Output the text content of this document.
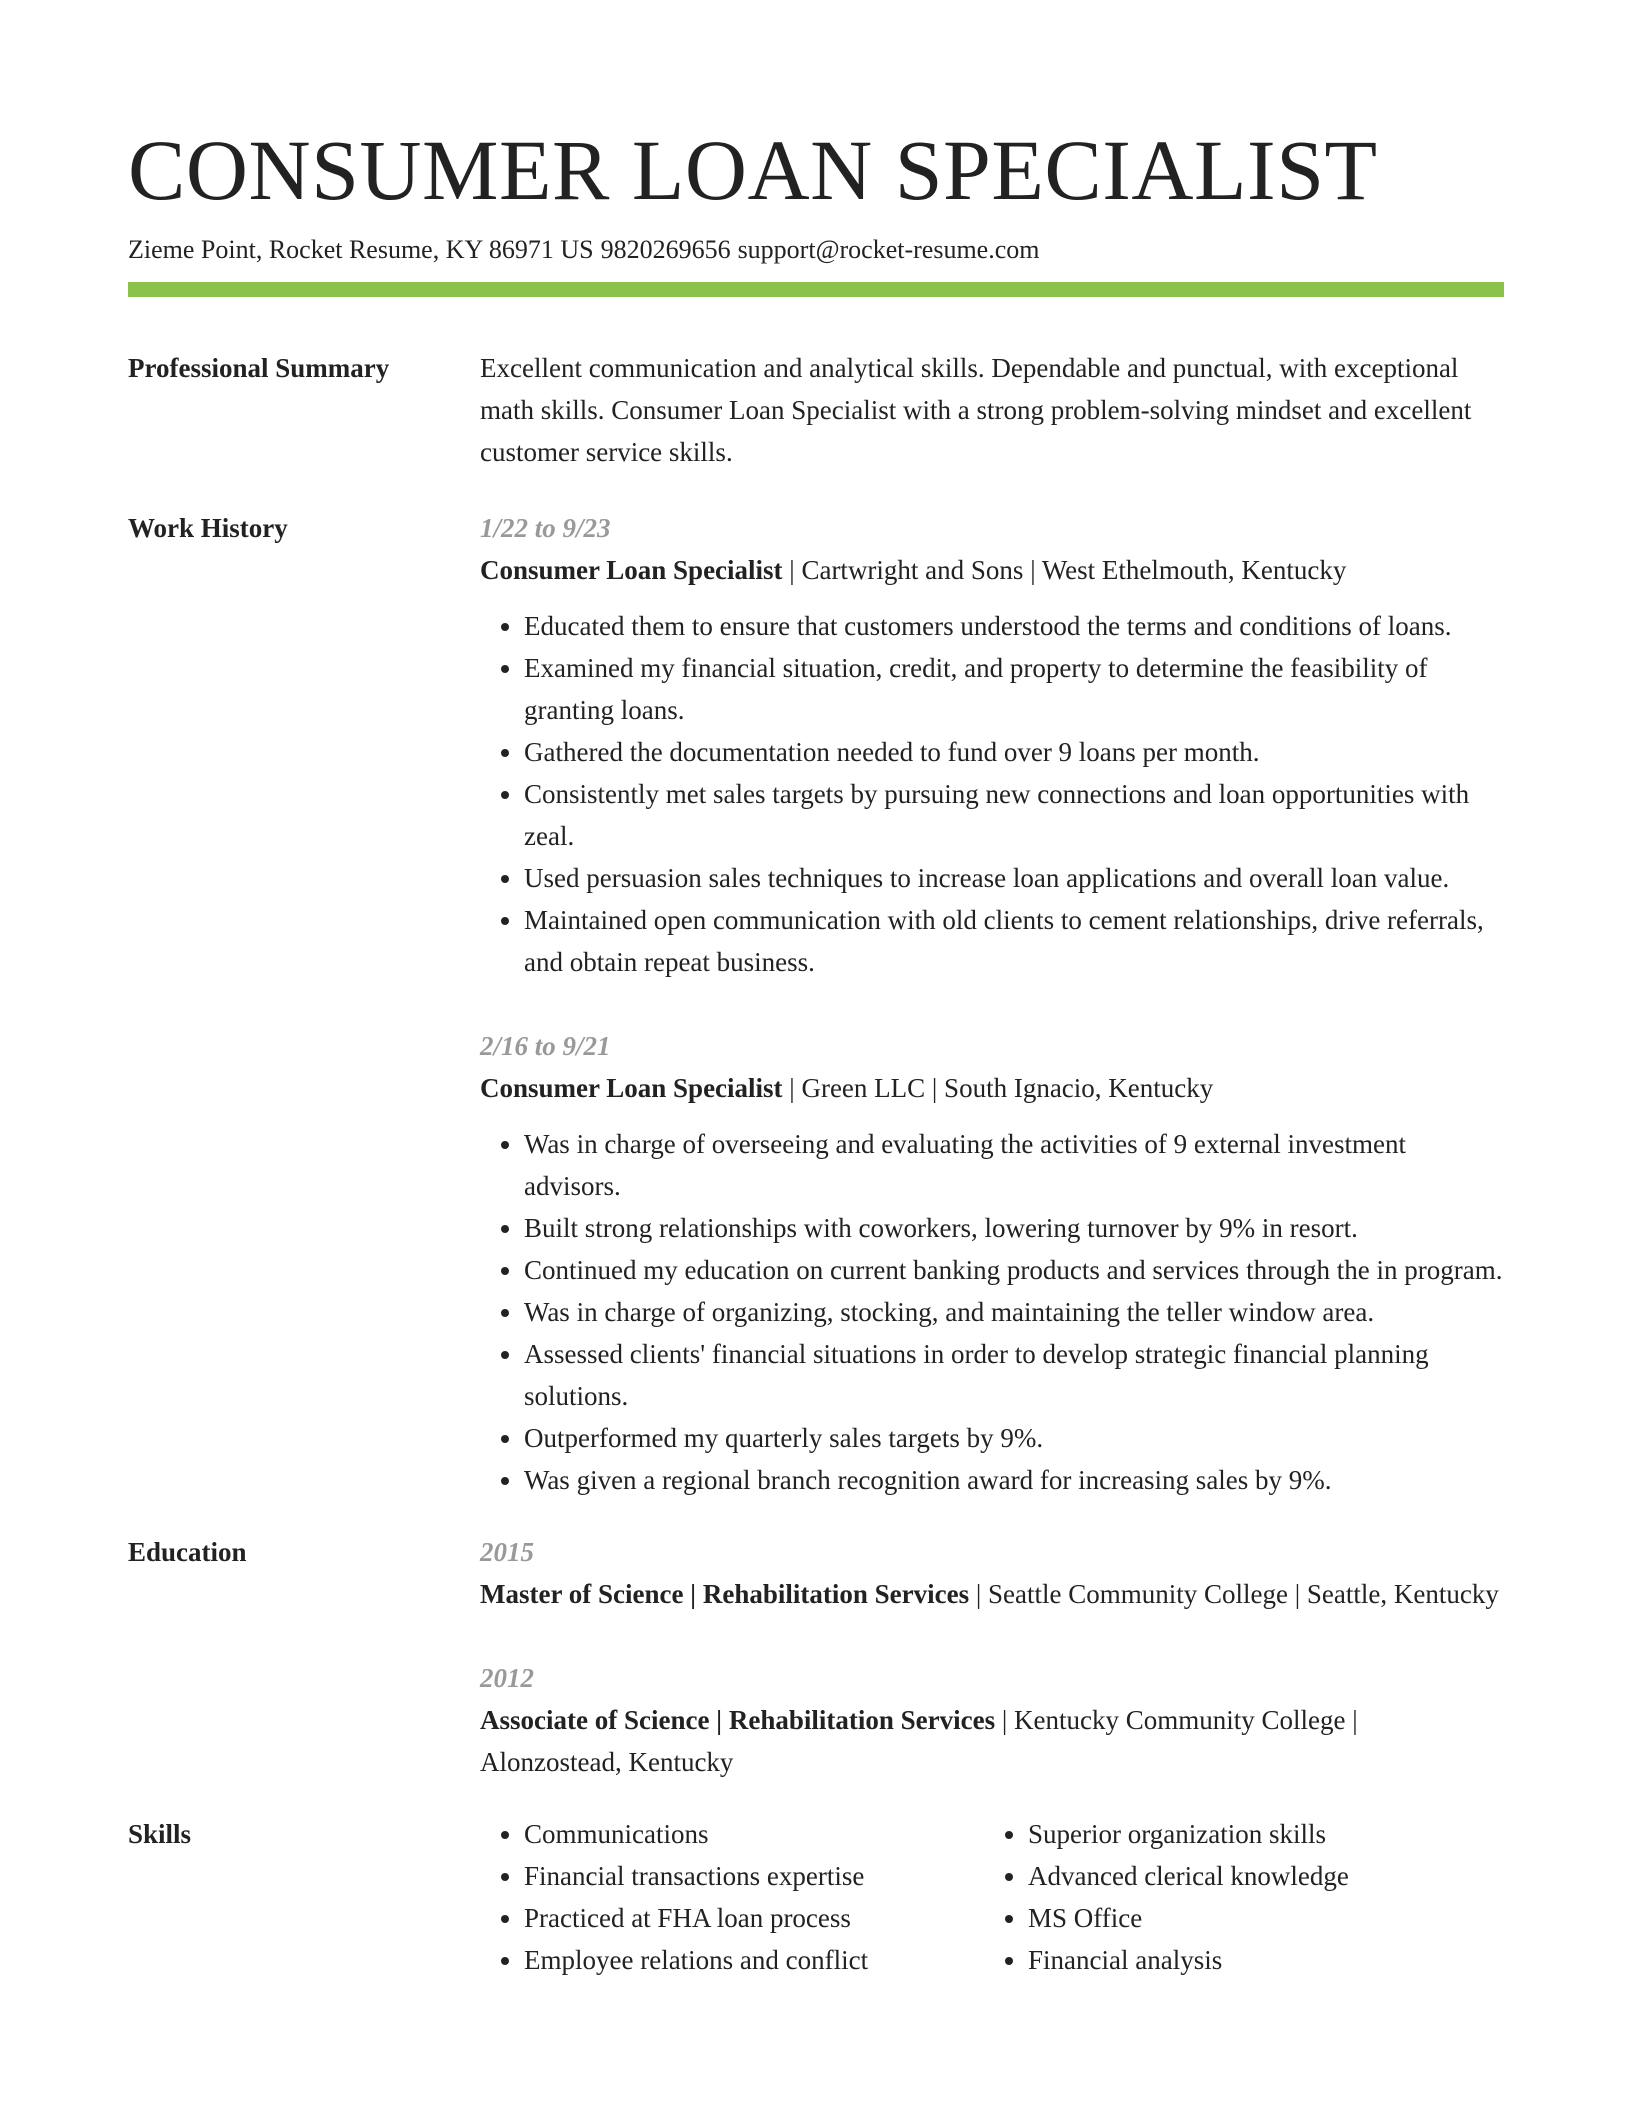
CONSUMER LOAN SPECIALIST
Zieme Point, Rocket Resume, KY 86971 US 9820269656 support@rocket-resume.com
Professional Summary	Excellent communication and analytical skills. Dependable and punctual, with exceptional math skills. Consumer Loan Specialist with a strong problem-solving mindset and excellent customer service skills.
Work History	1/22 to 9/23

Consumer Loan Specialist | Cartwright and Sons | West Ethelmouth, Kentucky

• Educated them to ensure that customers understood the terms and conditions of loans.
• Examined my financial situation, credit, and property to determine the feasibility of granting loans.
• Gathered the documentation needed to fund over 9 loans per month.
• Consistently met sales targets by pursuing new connections and loan opportunities with zeal.
• Used persuasion sales techniques to increase loan applications and overall loan value.
• Maintained open communication with old clients to cement relationships, drive referrals, and obtain repeat business.
2/16 to 9/21

Consumer Loan Specialist | Green LLC | South Ignacio, Kentucky

• Was in charge of overseeing and evaluating the activities of 9 external investment advisors.
• Built strong relationships with coworkers, lowering turnover by 9% in resort.
• Continued my education on current banking products and services through the in program.
• Was in charge of organizing, stocking, and maintaining the teller window area.
• Assessed clients' financial situations in order to develop strategic financial planning solutions.
• Outperformed my quarterly sales targets by 9%.
• Was given a regional branch recognition award for increasing sales by 9%.
Education	2015
Master of Science | Rehabilitation Services | Seattle Community College | Seattle, Kentucky
2012
Associate of Science | Rehabilitation Services | Kentucky Community College | Alonzostead, Kentucky
Skills
•	Communications
• Financial transactions expertise
• Practiced at FHA loan process
• Employee relations and conflict
• Superior organization skills
• Advanced clerical knowledge
• MS Office
• Financial analysis
